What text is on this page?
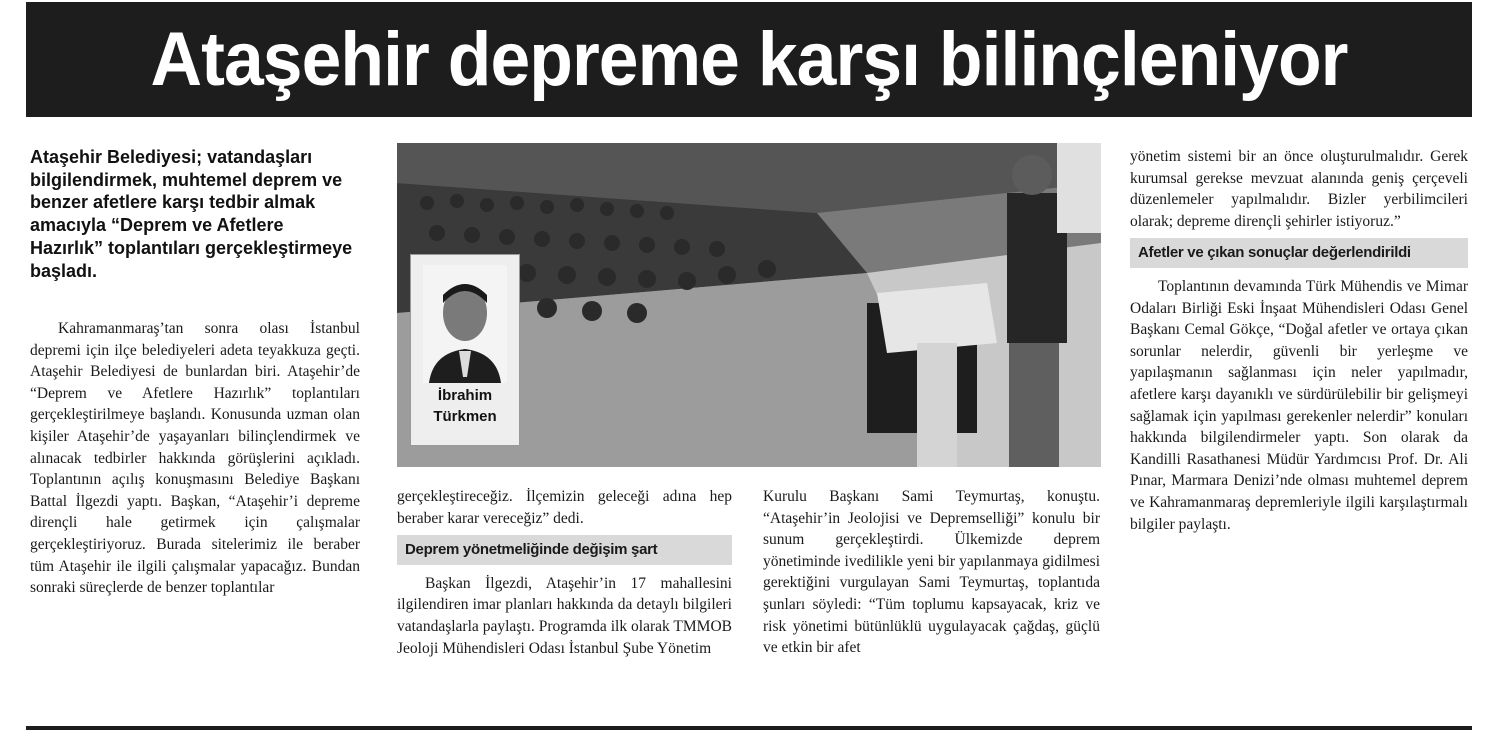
Ataşehir depreme karşı bilinçleniyor
Ataşehir Belediyesi; vatandaşları bilgilendirmek, muhtemel deprem ve benzer afetlere karşı tedbir almak amacıyla “Deprem ve Afetlere Hazırlık” toplantıları gerçekleştirmeye başladı.

Kahramanmaraş’tan sonra olası İstanbul depremi için ilçe belediyeleri adeta teyakkuza geçti. Ataşehir Belediyesi de bunlardan biri. Ataşehir’de “Deprem ve Afetlere Hazırlık” toplantıları gerçekleştirilmeye başlandı. Konusunda uzman olan kişiler Ataşehir’de yaşayanları bilinçlendirmek ve alınacak tedbirler hakkında görüşlerini açıkladı. Toplantının açılış konuşmasını Belediye Başkanı Battal İlgezdi yaptı. Başkan, “Ataşehir’i depreme dirençli hale getirmek için çalışmalar gerçekleştiriyoruz. Burada sitelerimiz ile beraber tüm Ataşehir ile ilgili çalışmalar yapacağız. Bundan sonraki süreçlerde de benzer toplantılar

İbrahim
Türkmen

gerçekleştireceğiz. İlçemizin geleceği adına hep beraber karar vereceğiz” dedi.

Deprem yönetmeliğinde değişim şart

Başkan İlgezdi, Ataşehir’in 17 mahallesini ilgilendiren imar planları hakkında da detaylı bilgileri vatandaşlarla paylaştı. Programda ilk olarak TMMOB Jeoloji Mühendisleri Odası İstanbul Şube Yönetim

Kurulu Başkanı Sami Teymurtaş, konuştu. “Ataşehir’in Jeolojisi ve Depremselliği” konulu bir sunum gerçekleştirdi. Ülkemizde deprem yönetiminde ivedilikle yeni bir yapılanmaya gidilmesi gerektiğini vurgulayan Sami Teymurtaş, toplantıda şunları söyledi: “Tüm toplumu kapsayacak, kriz ve risk yönetimi bütünlüklü uygulayacak çağdaş, güçlü ve etkin bir afet

yönetim sistemi bir an önce oluşturulmalıdır. Gerek kurumsal gerekse mevzuat alanında geniş çerçeveli düzenlemeler yapılmalıdır. Bizler yerbilimcileri olarak; depreme dirençli şehirler istiyoruz.”

Afetler ve çıkan sonuçlar değerlendirildi

Toplantının devamında Türk Mühendis ve Mimar Odaları Birliği Eski İnşaat Mühendisleri Odası Genel Başkanı Cemal Gökçe, “Doğal afetler ve ortaya çıkan sorunlar nelerdir, güvenli bir yerleşme ve yapılaşmanın sağlanması için neler yapılmadır, afetlere karşı dayanıklı ve sürdürülebilir bir gelişmeyi sağlamak için yapılması gerekenler nelerdir” konuları hakkında bilgilendirmeler yaptı. Son olarak da Kandilli Rasathanesi Müdür Yardımcısı Prof. Dr. Ali Pınar, Marmara Denizi’nde olması muhtemel deprem ve Kahramanmaraş depremleriyle ilgili karşılaştırmalı bilgiler paylaştı.
